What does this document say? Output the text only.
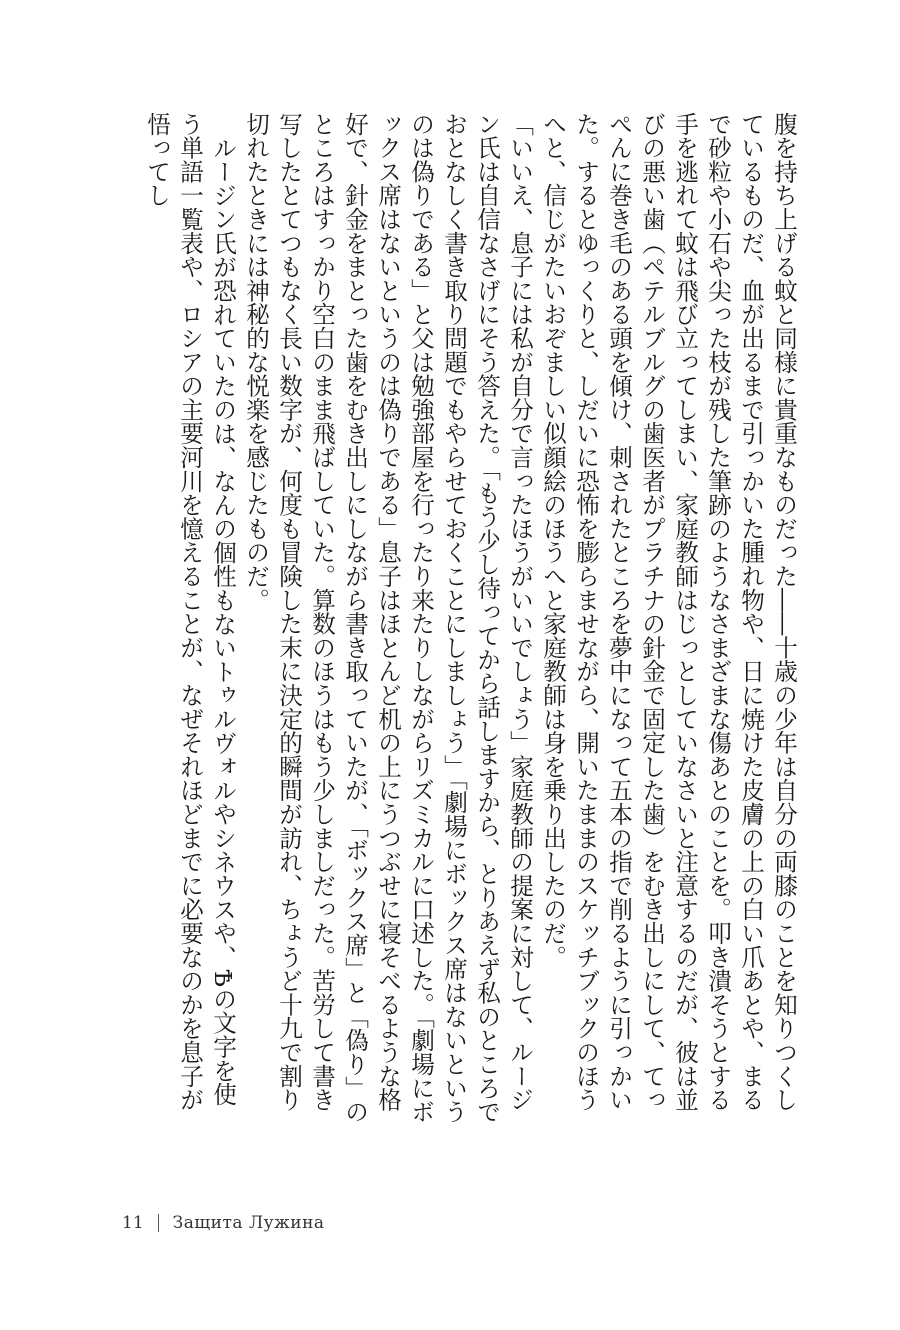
腹を持ち上げる蚊と同様に貴重なものだった――十歳の少年は自分の両膝のことを知りつくしているものだ、血が出るまで引っかいた腫れ物や、日に焼けた皮膚の上の白い爪あとや、まるで砂粒や小石や尖った枝が残した筆跡のようなさまざまな傷あとのことを。叩き潰そうとする手を逃れて蚊は飛び立ってしまい、家庭教師はじっとしていなさいと注意するのだが、彼は並びの悪い歯（ペテルブルグの歯医者がプラチナの針金で固定した歯）をむき出しにして、てっぺんに巻き毛のある頭を傾け、刺されたところを夢中になって五本の指で削るように引っかいた。するとゆっくりと、しだいに恐怖を膨らませながら、開いたままのスケッチブックのほうへと、信じがたいおぞましい似顔絵のほうへと家庭教師は身を乗り出したのだ。

「いいえ、息子には私が自分で言ったほうがいいでしょう」家庭教師の提案に対して、ルージン氏は自信なさげにそう答えた。「もう少し待ってから話しますから、とりあえず私のところでおとなしく書き取り問題でもやらせておくことにしましょう」「劇場にボックス席はないというのは偽りである」と父は勉強部屋を行ったり来たりしながらリズミカルに口述した。「劇場にボックス席はないというのは偽りである」息子はほとんど机の上にうつぶせに寝そべるような格好で、針金をまとった歯をむき出しにしながら書き取っていたが、「ボックス席」と「偽り」のところはすっかり空白のまま飛ばしていた。算数のほうはもう少しましだった。苦労して書き写したとてつもなく長い数字が、何度も冒険した末に決定的瞬間が訪れ、ちょうど十九で割り切れたときには神秘的な悦楽を感じたものだ。

ルージン氏が恐れていたのは、なんの個性もないトゥルヴォルやシネウスや、Ѣの文字を使う単語一覧表や、ロシアの主要河川を憶えることが、なぜそれほどまでに必要なのかを息子が悟ってし

11 Защита Лужина
